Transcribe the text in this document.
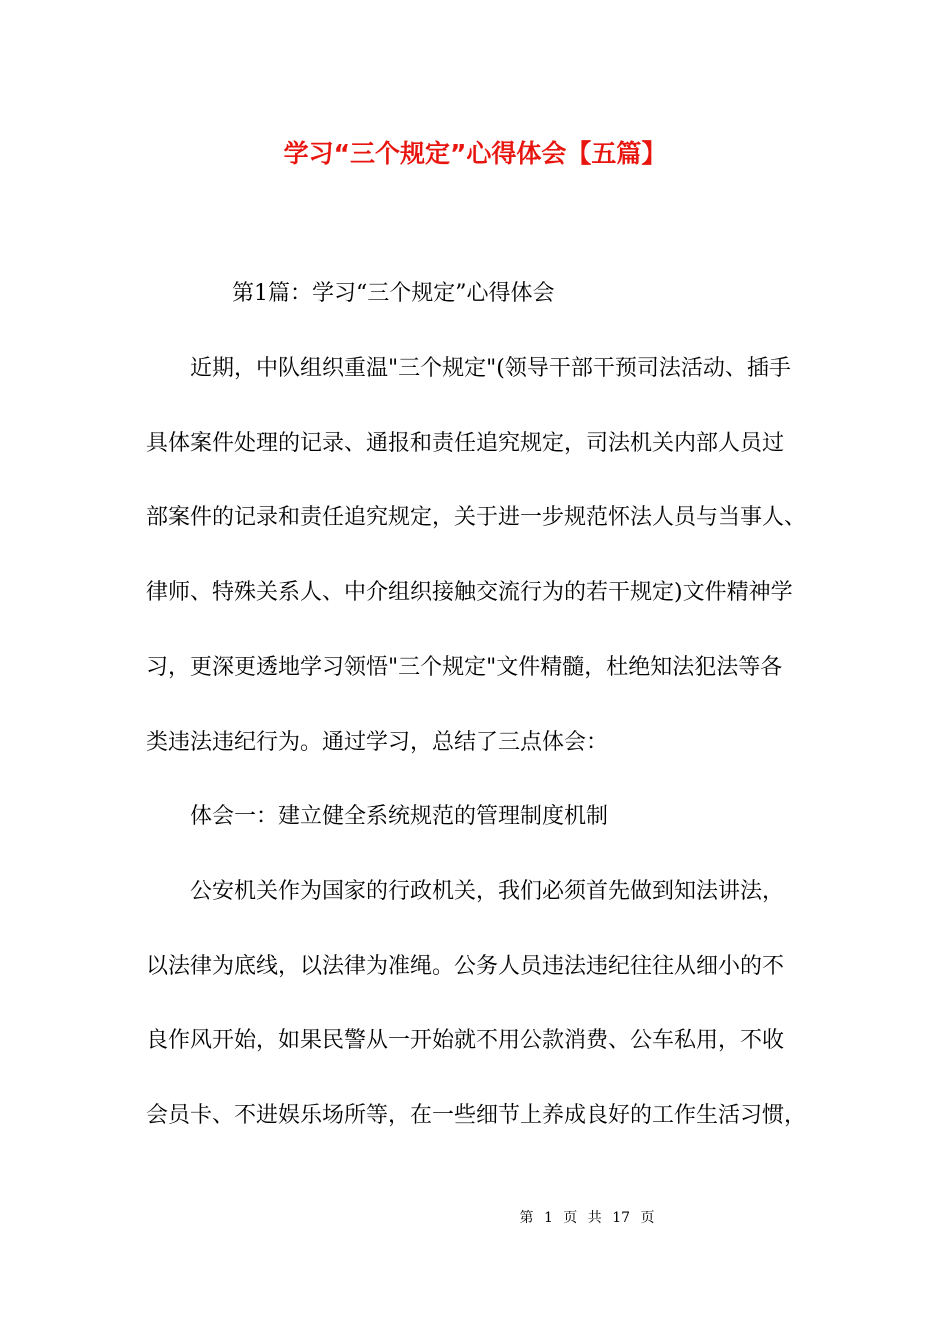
学习“三个规定”心得体会【五篇】

第1篇：学习“三个规定”心得体会

近期，中队组织重温"三个规定"(领导干部干预司法活动、插手

具体案件处理的记录、通报和责任追究规定，司法机关内部人员过

部案件的记录和责任追究规定，关于进一步规范怀法人员与当事人、

律师、特殊关系人、中介组织接触交流行为的若干规定)文件精神学

习，更深更透地学习领悟"三个规定"文件精髓，杜绝知法犯法等各

类违法违纪行为。通过学习，总结了三点体会：

体会一：建立健全系统规范的管理制度机制

公安机关作为国家的行政机关，我们必须首先做到知法讲法，

以法律为底线，以法律为准绳。公务人员违法违纪往往从细小的不

良作风开始，如果民警从一开始就不用公款消费、公车私用，不收

会员卡、不进娱乐场所等，在一些细节上养成良好的工作生活习惯，

第 1 页 共 17 页
